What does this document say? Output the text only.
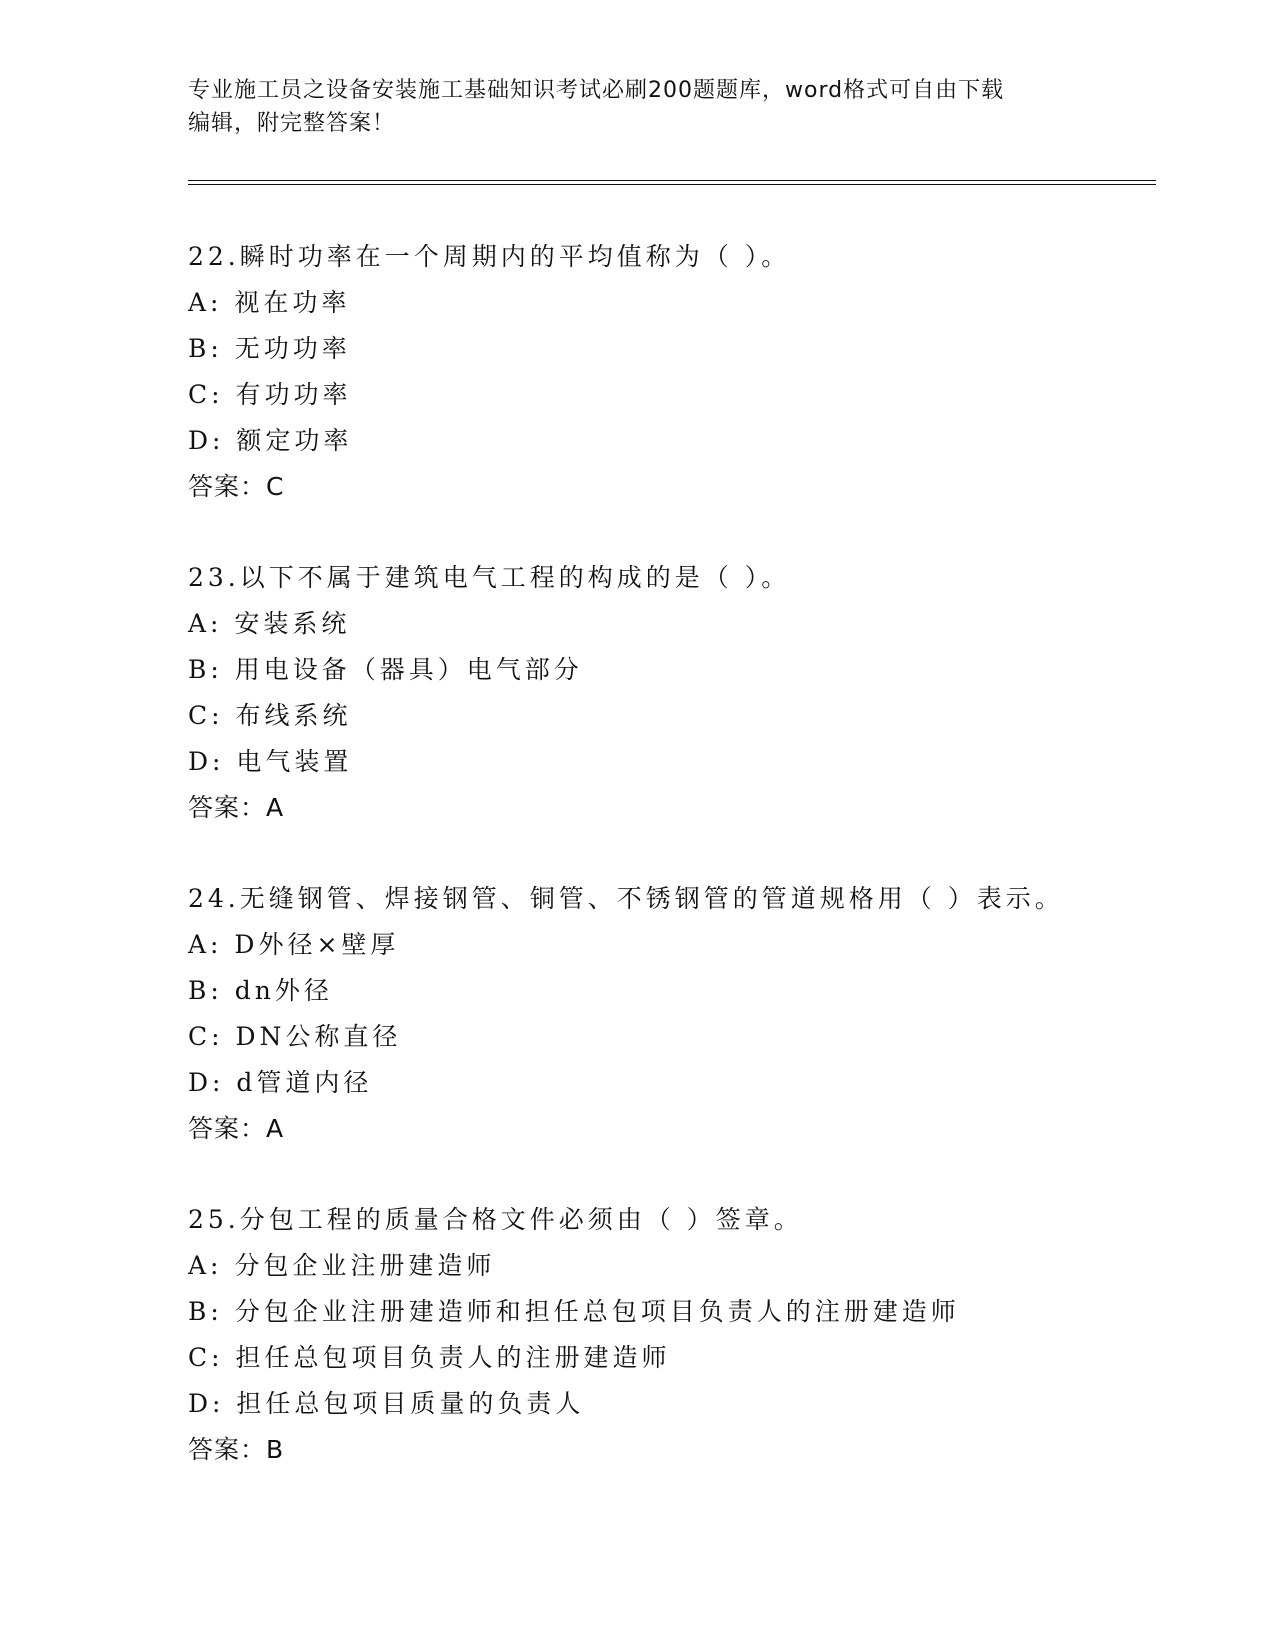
专业施工员之设备安装施工基础知识考试必刷200题题库，word格式可自由下载
编辑，附完整答案！
22.瞬时功率在一个周期内的平均值称为（ ）。
A: 视在功率
B: 无功功率
C: 有功功率
D: 额定功率
答案：C
23.以下不属于建筑电气工程的构成的是（ ）。
A: 安装系统
B: 用电设备（器具）电气部分
C: 布线系统
D: 电气装置
答案：A
24.无缝钢管、焊接钢管、铜管、不锈钢管的管道规格用（ ）表示。
A: D外径×壁厚
B: dn外径
C: DN公称直径
D: d管道内径
答案：A
25.分包工程的质量合格文件必须由（ ）签章。
A: 分包企业注册建造师
B: 分包企业注册建造师和担任总包项目负责人的注册建造师
C: 担任总包项目负责人的注册建造师
D: 担任总包项目质量的负责人
答案：B
